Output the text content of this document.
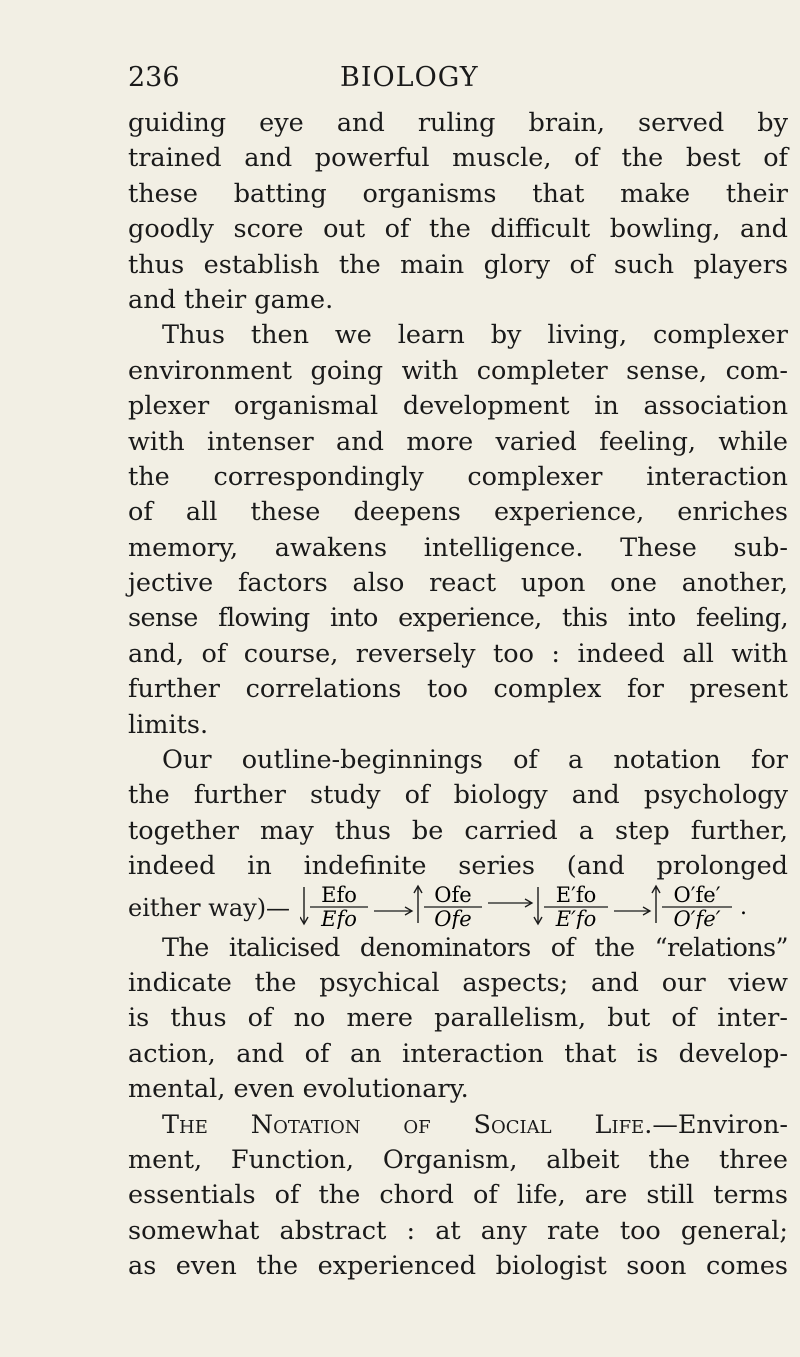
236	BIOLOGY
guiding eye and ruling brain, served by
trained and powerful muscle, of the best of
these batting organisms that make their
goodly score out of the difficult bowling, and
thus establish the main glory of such players
and their game.
Thus then we learn by living, complexer
environment going with completer sense, com-
plexer organismal development in association
with intenser and more varied feeling, while
the correspondingly complexer interaction
of all these deepens experience, enriches
memory, awakens intelligence. These sub-
jective factors also react upon one another,
sense flowing into experience, this into feeling,
and, of course, reversely too : indeed all with
further correlations too complex for present
limits.
Our outline-beginnings of a notation for
the further study of biology and psychology
together may thus be carried a step further,
indeed in indefinite series (and prolonged
either way)— Efo
Efo
Ofe
Ofe
E′fo
E′fo
O′fe′
O′fe′ .
The italicised denominators of the “relations”
indicate the psychical aspects; and our view
is thus of no mere parallelism, but of inter-
action, and of an interaction that is develop-
mental, even evolutionary.
The Notation of Social Life.—Environ-
ment, Function, Organism, albeit the three
essentials of the chord of life, are still terms
somewhat abstract : at any rate too general;
as even the experienced biologist soon comes
